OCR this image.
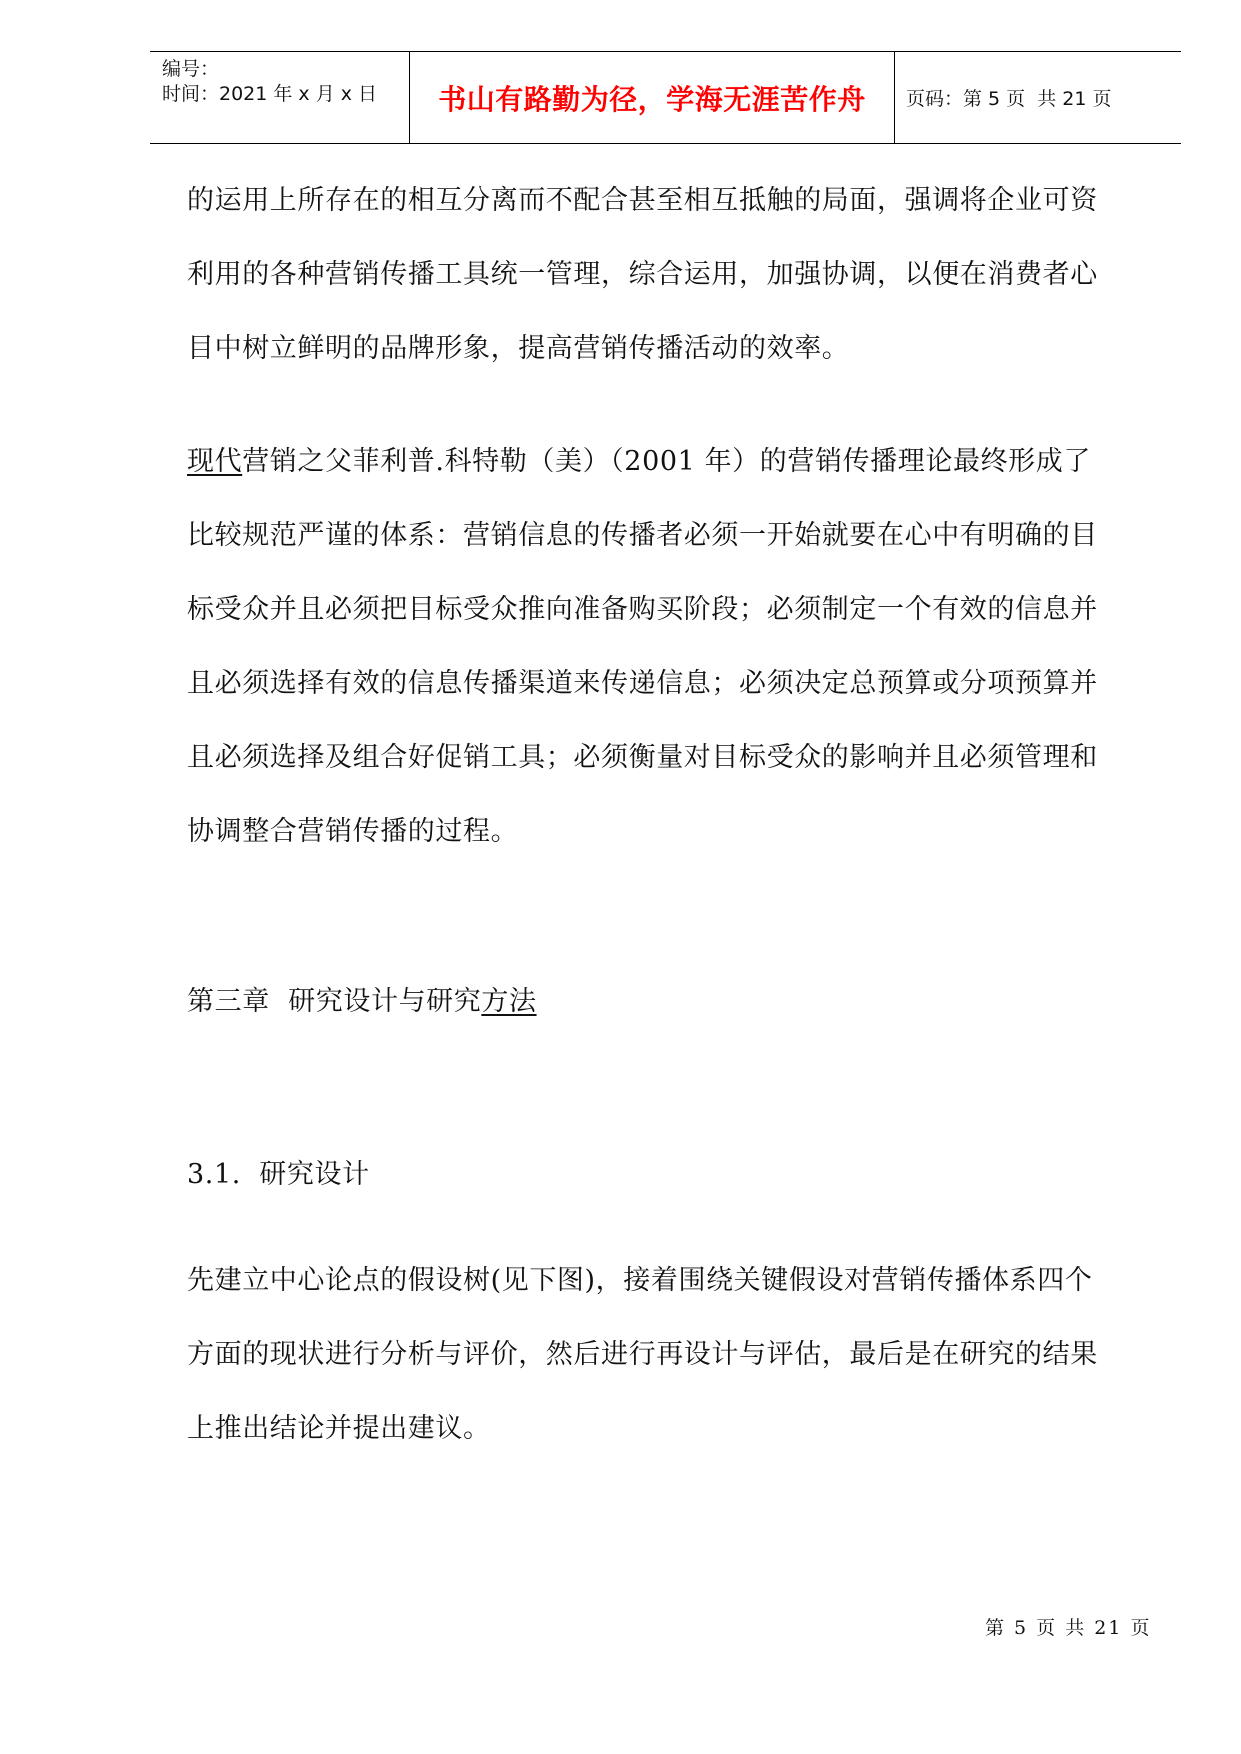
编号：
时间：2021 年 x 月 x 日	书山有路勤为径，学海无涯苦作舟	页码：第 5 页  共 21 页
的运用上所存在的相互分离而不配合甚至相互抵触的局面，强调将企业可资
利用的各种营销传播工具统一管理，综合运用，加强协调，以便在消费者心
目中树立鲜明的品牌形象，提高营销传播活动的效率。
现代营销之父菲利普.科特勒（美）（2001 年）的营销传播理论最终形成了
比较规范严谨的体系：营销信息的传播者必须一开始就要在心中有明确的目
标受众并且必须把目标受众推向准备购买阶段；必须制定一个有效的信息并
且必须选择有效的信息传播渠道来传递信息；必须决定总预算或分项预算并
且必须选择及组合好促销工具；必须衡量对目标受众的影响并且必须管理和
协调整合营销传播的过程。
第三章  研究设计与研究方法
3.1.  研究设计
先建立中心论点的假设树(见下图)，接着围绕关键假设对营销传播体系四个
方面的现状进行分析与评价，然后进行再设计与评估，最后是在研究的结果
上推出结论并提出建议。
第 5 页 共 21 页
